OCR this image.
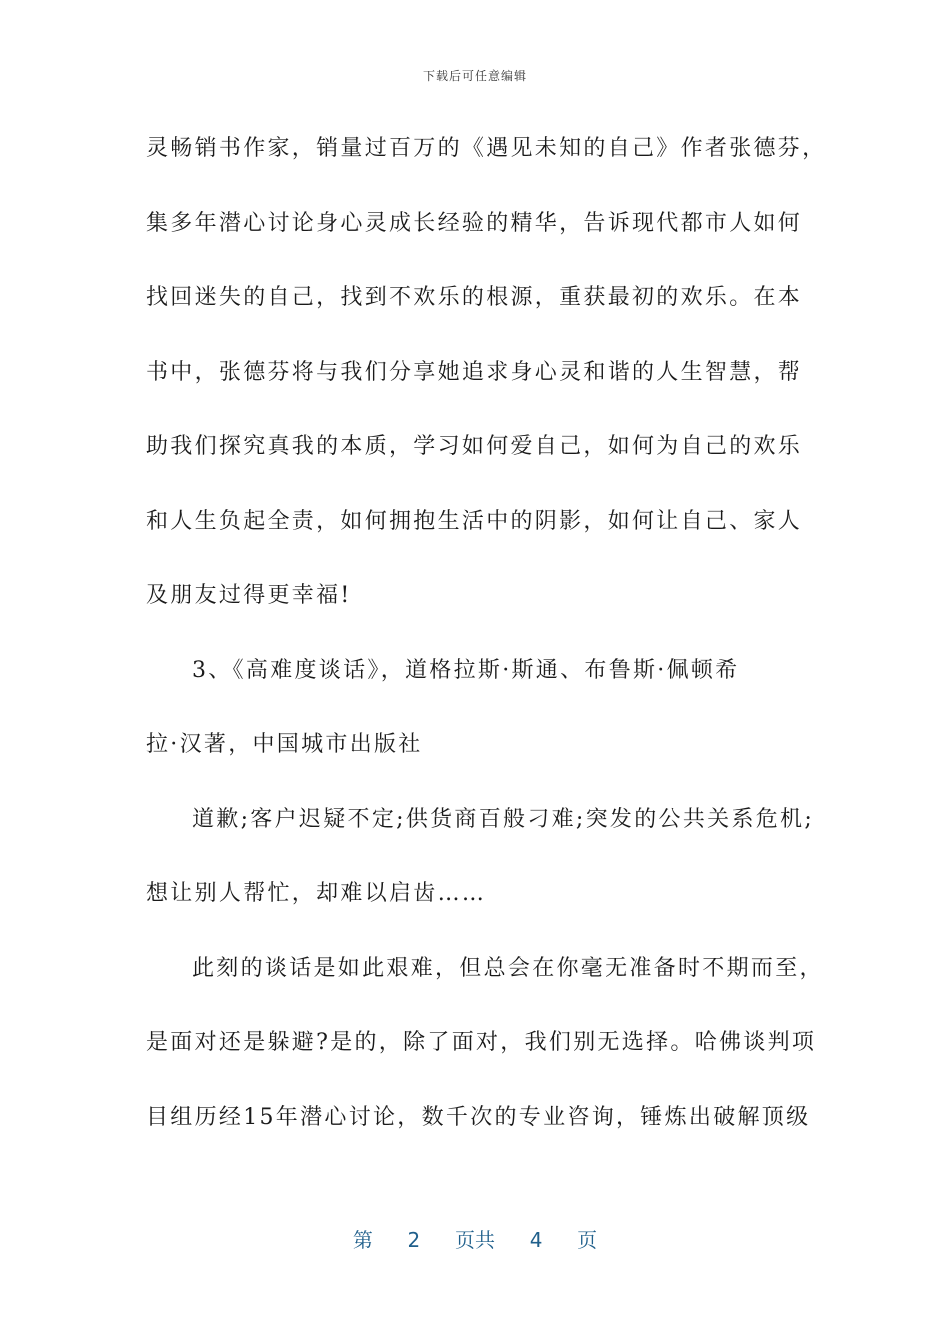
下载后可任意编辑
灵畅销书作家，销量过百万的《遇见未知的自己》作者张德芬，
集多年潜心讨论身心灵成长经验的精华，告诉现代都市人如何
找回迷失的自己，找到不欢乐的根源，重获最初的欢乐。在本
书中，张德芬将与我们分享她追求身心灵和谐的人生智慧，帮
助我们探究真我的本质，学习如何爱自己，如何为自己的欢乐
和人生负起全责，如何拥抱生活中的阴影，如何让自己、家人
及朋友过得更幸福!
3、《高难度谈话》，道格拉斯·斯通、布鲁斯·佩顿希
拉·汉著，中国城市出版社
道歉;客户迟疑不定;供货商百般刁难;突发的公共关系危机;
想让别人帮忙，却难以启齿……
此刻的谈话是如此艰难，但总会在你毫无准备时不期而至，
是面对还是躲避?是的，除了面对，我们别无选择。哈佛谈判项
目组历经15年潜心讨论，数千次的专业咨询，锤炼出破解顶级
第 2 页共 4 页
